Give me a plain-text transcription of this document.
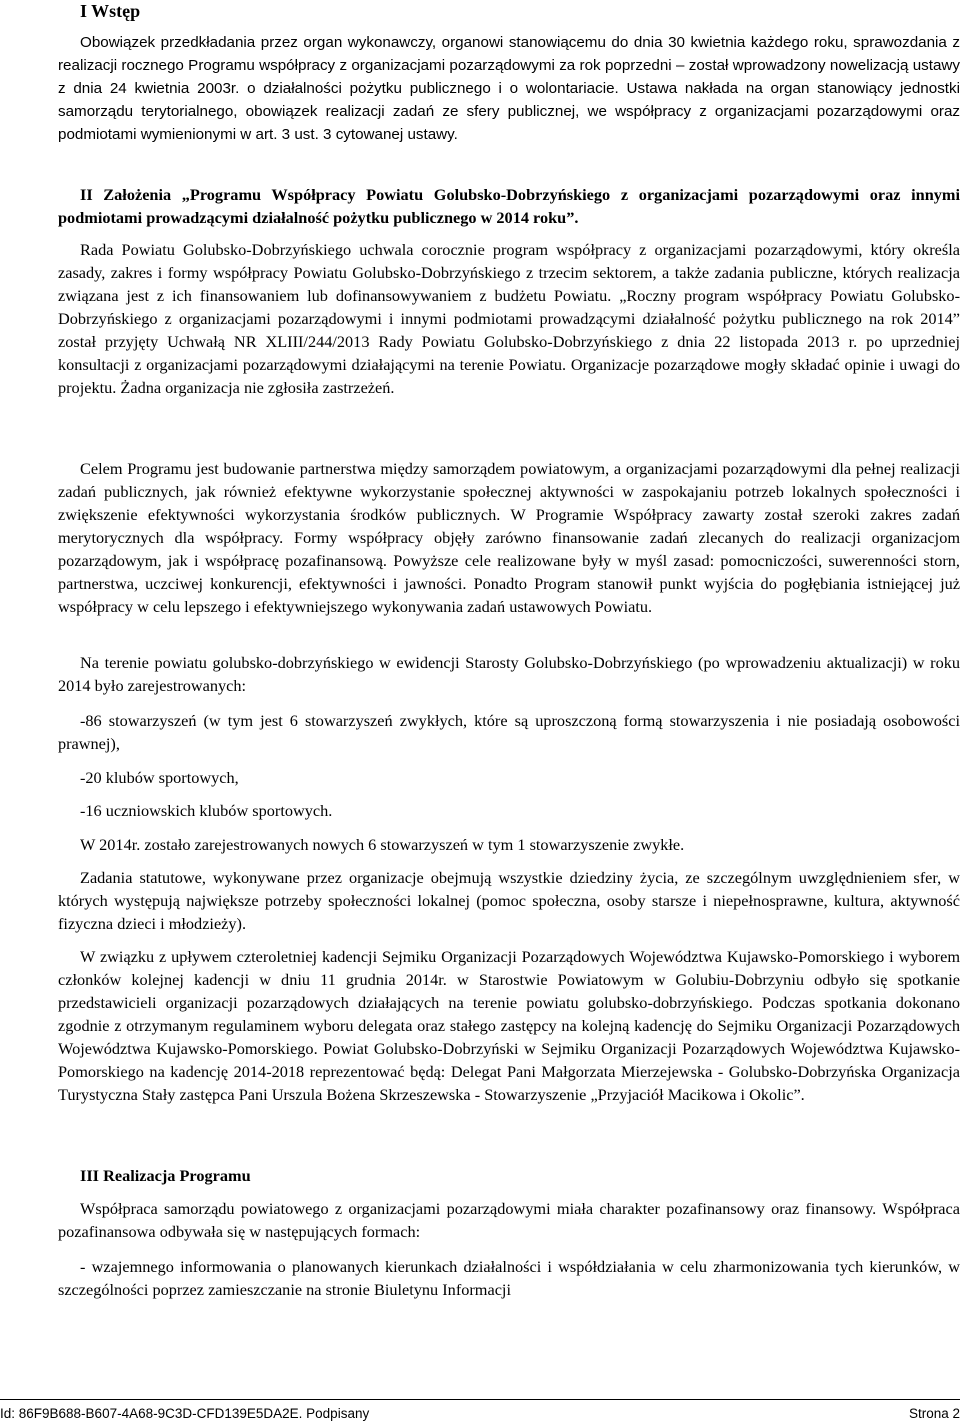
I Wstęp

Obowiązek przedkładania przez organ wykonawczy, organowi stanowiącemu do dnia 30 kwietnia każdego roku, sprawozdania z realizacji rocznego Programu współpracy z organizacjami pozarządowymi za rok poprzedni – został wprowadzony nowelizacją ustawy z dnia 24 kwietnia 2003r. o działalności pożytku publicznego i o wolontariacie. Ustawa nakłada na organ stanowiący jednostki samorządu terytorialnego, obowiązek realizacji zadań ze sfery publicznej, we współpracy z organizacjami pozarządowymi oraz podmiotami wymienionymi w art. 3 ust. 3 cytowanej ustawy.

II Założenia „Programu Współpracy Powiatu Golubsko-Dobrzyńskiego z organizacjami pozarządowymi oraz innymi podmiotami prowadzącymi działalność pożytku publicznego w 2014 roku”.

Rada Powiatu Golubsko-Dobrzyńskiego uchwala corocznie program współpracy z organizacjami pozarządowymi, który określa zasady, zakres i formy współpracy Powiatu Golubsko-Dobrzyńskiego z trzecim sektorem, a także zadania publiczne, których realizacja związana jest z ich finansowaniem lub dofinansowywaniem z budżetu Powiatu. „Roczny program współpracy Powiatu Golubsko-Dobrzyńskiego z organizacjami pozarządowymi i innymi podmiotami prowadzącymi działalność pożytku publicznego na rok 2014” został przyjęty Uchwałą NR XLIII/244/2013 Rady Powiatu Golubsko-Dobrzyńskiego z dnia 22 listopada 2013 r. po uprzedniej konsultacji z organizacjami pozarządowymi działającymi na terenie Powiatu. Organizacje pozarządowe mogły składać opinie i uwagi do projektu. Żadna organizacja nie zgłosiła zastrzeżeń.

Celem Programu jest budowanie partnerstwa między samorządem powiatowym, a organizacjami pozarządowymi dla pełnej realizacji zadań publicznych, jak również efektywne wykorzystanie społecznej aktywności w zaspokajaniu potrzeb lokalnych społeczności i zwiększenie efektywności wykorzystania środków publicznych. W Programie Współpracy zawarty został szeroki zakres zadań merytorycznych dla współpracy. Formy współpracy objęły zarówno finansowanie zadań zlecanych do realizacji organizacjom pozarządowym, jak i współpracę pozafinansową. Powyższe cele realizowane były w myśl zasad: pomocniczości, suwerenności storn, partnerstwa, uczciwej konkurencji, efektywności i jawności. Ponadto Program stanowił punkt wyjścia do pogłębiania istniejącej już współpracy w celu lepszego i efektywniejszego wykonywania zadań ustawowych Powiatu.

Na terenie powiatu golubsko-dobrzyńskiego w ewidencji Starosty Golubsko-Dobrzyńskiego (po wprowadzeniu aktualizacji) w roku 2014 było zarejestrowanych:

-86 stowarzyszeń (w tym jest 6 stowarzyszeń zwykłych, które są uproszczoną formą stowarzyszenia i nie posiadają osobowości prawnej),

-20 klubów sportowych,

-16 uczniowskich klubów sportowych.

W 2014r. zostało zarejestrowanych nowych 6 stowarzyszeń w tym 1 stowarzyszenie zwykłe.

Zadania statutowe, wykonywane przez organizacje obejmują wszystkie dziedziny życia, ze szczególnym uwzględnieniem sfer, w których występują największe potrzeby społeczności lokalnej (pomoc społeczna, osoby starsze i niepełnosprawne, kultura, aktywność fizyczna dzieci i młodzieży).

W związku z upływem czteroletniej kadencji Sejmiku Organizacji Pozarządowych Województwa Kujawsko-Pomorskiego i wyborem członków kolejnej kadencji w dniu 11 grudnia 2014r. w Starostwie Powiatowym w Golubiu-Dobrzyniu odbyło się spotkanie przedstawicieli organizacji pozarządowych działających na terenie powiatu golubsko-dobrzyńskiego. Podczas spotkania dokonano zgodnie z otrzymanym regulaminem wyboru delegata oraz stałego zastępcy na kolejną kadencję do Sejmiku Organizacji Pozarządowych Województwa Kujawsko-Pomorskiego. Powiat Golubsko-Dobrzyński w Sejmiku Organizacji Pozarządowych Województwa Kujawsko-Pomorskiego na kadencję 2014-2018 reprezentować będą: Delegat Pani Małgorzata Mierzejewska - Golubsko-Dobrzyńska Organizacja Turystyczna Stały zastępca Pani Urszula Bożena Skrzeszewska - Stowarzyszenie „Przyjaciół Macikowa i Okolic”.

III Realizacja Programu

Współpraca samorządu powiatowego z organizacjami pozarządowymi miała charakter pozafinansowy oraz finansowy. Współpraca pozafinansowa odbywała się w następujących formach:

- wzajemnego informowania o planowanych kierunkach działalności i współdziałania w celu zharmonizowania tych kierunków, w szczególności poprzez zamieszczanie na stronie Biuletynu Informacji

Id: 86F9B688-B607-4A68-9C3D-CFD139E5DA2E. Podpisany	Strona 2
